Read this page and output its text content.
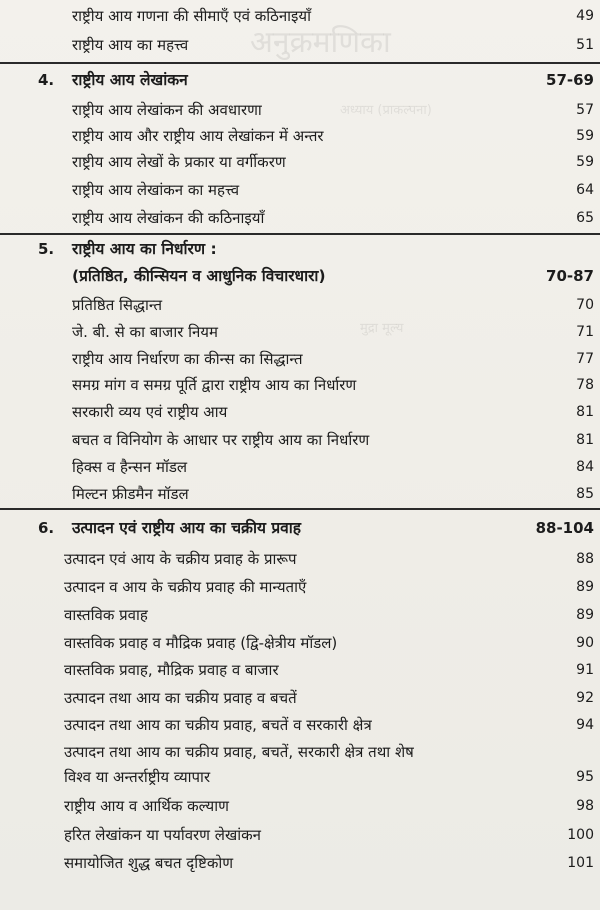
अनुक्रमणिका
अध्याय (प्राकल्पना)
मुद्रा मूल्य
राष्ट्रीय आय गणना की सीमाएँ एवं कठिनाइयाँ	49
राष्ट्रीय आय का महत्त्व	51
4. राष्ट्रीय आय लेखांकन	57-69
राष्ट्रीय आय लेखांकन की अवधारणा	57
राष्ट्रीय आय और राष्ट्रीय आय लेखांकन में अन्तर	59
राष्ट्रीय आय लेखों के प्रकार या वर्गीकरण	59
राष्ट्रीय आय लेखांकन का महत्त्व	64
राष्ट्रीय आय लेखांकन की कठिनाइयाँ	65
5. राष्ट्रीय आय का निर्धारण :
(प्रतिष्ठित, कीन्सियन व आधुनिक विचारधारा)	70-87
प्रतिष्ठित सिद्धान्त	70
जे. बी. से का बाजार नियम	71
राष्ट्रीय आय निर्धारण का कीन्स का सिद्धान्त	77
समग्र मांग व समग्र पूर्ति द्वारा राष्ट्रीय आय का निर्धारण	78
सरकारी व्यय एवं राष्ट्रीय आय	81
बचत व विनियोग के आधार पर राष्ट्रीय आय का निर्धारण	81
हिक्स व हैन्सन मॉडल	84
मिल्टन फ्रीडमैन मॉडल	85
6. उत्पादन एवं राष्ट्रीय आय का चक्रीय प्रवाह	88-104
उत्पादन एवं आय के चक्रीय प्रवाह के प्रारूप	88
उत्पादन व आय के चक्रीय प्रवाह की मान्यताएँ	89
वास्तविक प्रवाह	89
वास्तविक प्रवाह व मौद्रिक प्रवाह (द्वि-क्षेत्रीय मॉडल)	90
वास्तविक प्रवाह, मौद्रिक प्रवाह व बाजार	91
उत्पादन तथा आय का चक्रीय प्रवाह व बचतें	92
उत्पादन तथा आय का चक्रीय प्रवाह, बचतें व सरकारी क्षेत्र	94
उत्पादन तथा आय का चक्रीय प्रवाह, बचतें, सरकारी क्षेत्र तथा शेष
विश्व या अन्तर्राष्ट्रीय व्यापार	95
राष्ट्रीय आय व आर्थिक कल्याण	98
हरित लेखांकन या पर्यावरण लेखांकन	100
समायोजित शुद्ध बचत दृष्टिकोण	101
